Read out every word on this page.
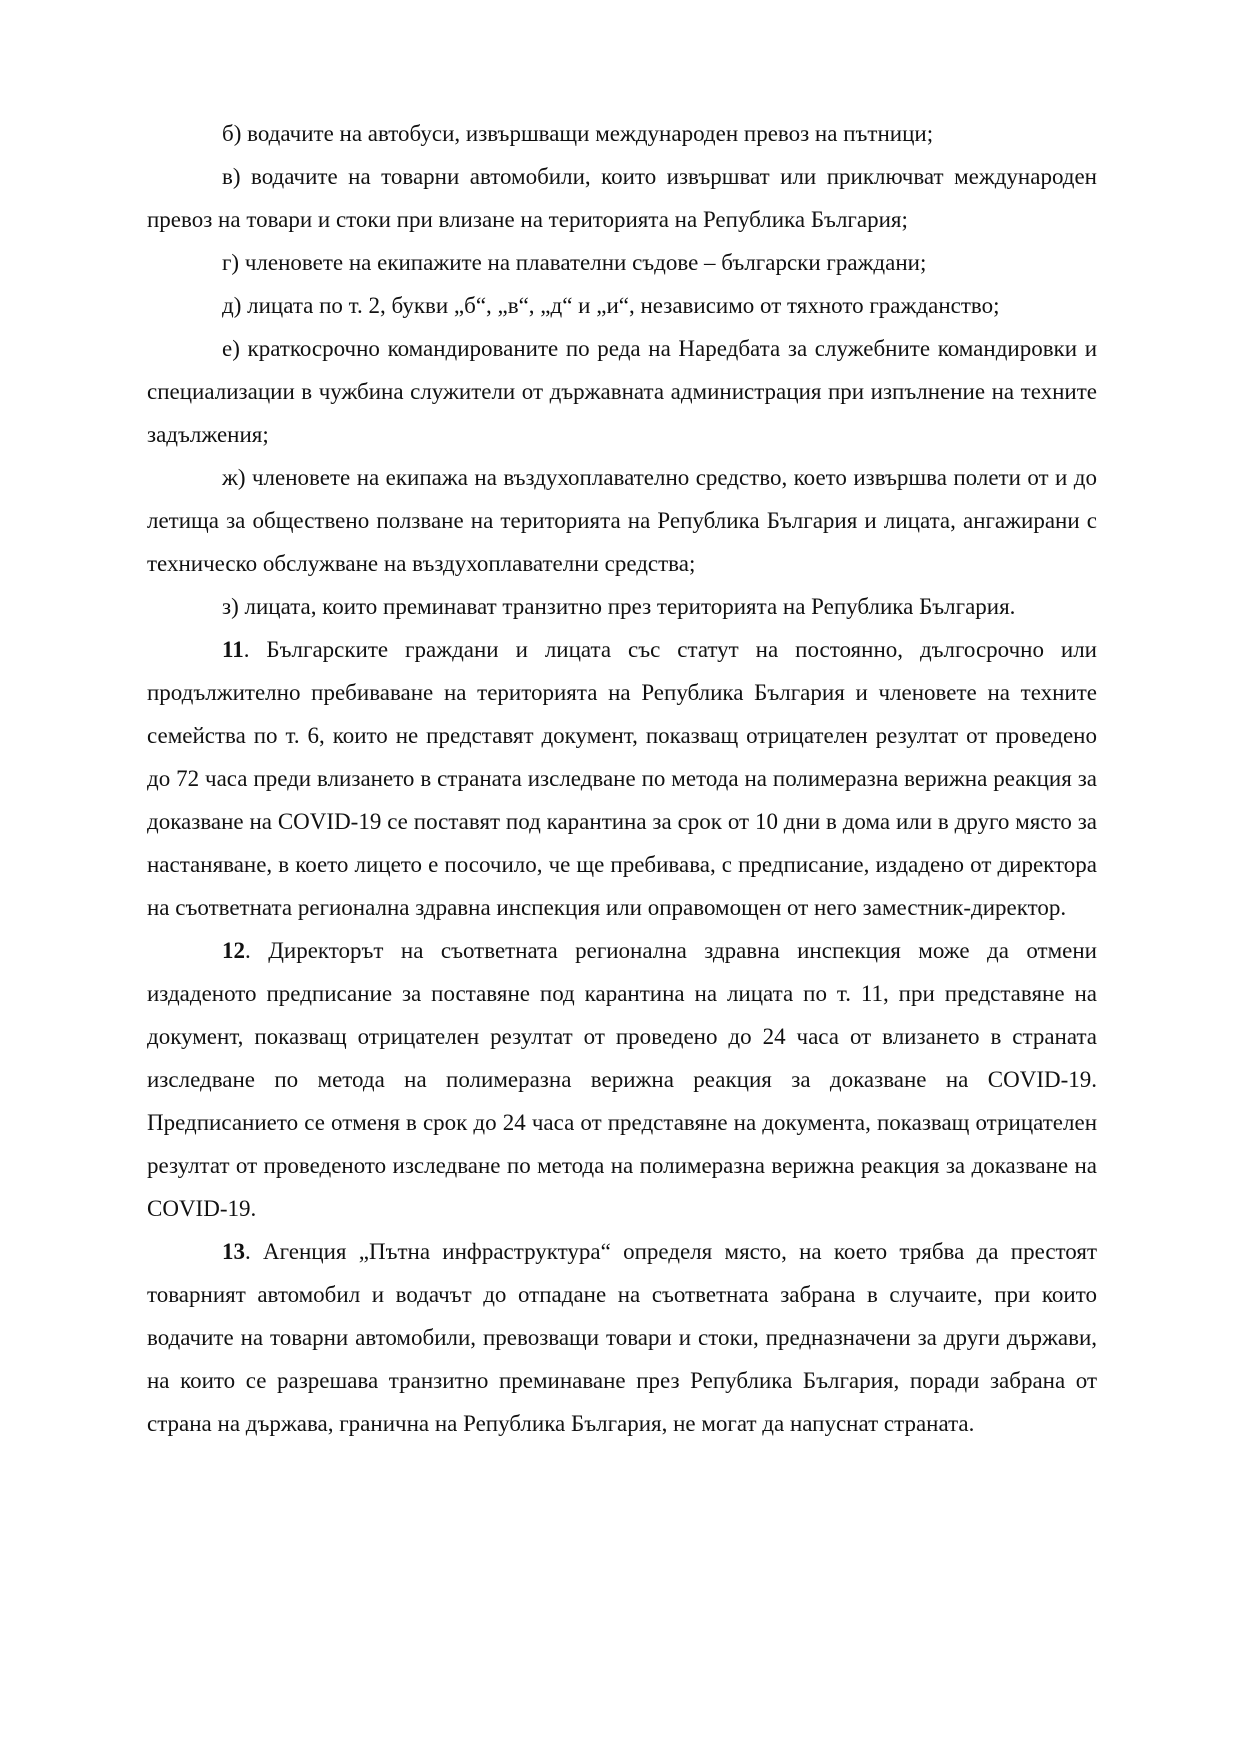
б) водачите на автобуси, извършващи международен превоз на пътници;

в) водачите на товарни автомобили, които извършват или приключват международен превоз на товари и стоки при влизане на територията на Република България;

г) членовете на екипажите на плавателни съдове – български граждани;

д) лицата по т. 2, букви „б“, „в“, „д“ и „и“, независимо от тяхното гражданство;

е) краткосрочно командированите по реда на Наредбата за служебните командировки и специализации в чужбина служители от държавната администрация при изпълнение на техните задължения;

ж) членовете на екипажа на въздухоплавателно средство, което извършва полети от и до летища за обществено ползване на територията на Република България и лицата, ангажирани с техническо обслужване на въздухоплавателни средства;

з) лицата, които преминават транзитно през територията на Република България.

11. Българските граждани и лицата със статут на постоянно, дългосрочно или продължително пребиваване на територията на Република България и членовете на техните семейства по т. 6, които не представят документ, показващ отрицателен резултат от проведено до 72 часа преди влизането в страната изследване по метода на полимеразна верижна реакция за доказване на COVID-19 се поставят под карантина за срок от 10 дни в дома или в друго място за настаняване, в което лицето е посочило, че ще пребивава, с предписание, издадено от директора на съответната регионална здравна инспекция или оправомощен от него заместник-директор.

12. Директорът на съответната регионална здравна инспекция може да отмени издаденото предписание за поставяне под карантина на лицата по т. 11, при представяне на документ, показващ отрицателен резултат от проведено до 24 часа от влизането в страната изследване по метода на полимеразна верижна реакция за доказване на COVID-19. Предписанието се отменя в срок до 24 часа от представяне на документа, показващ отрицателен резултат от проведеното изследване по метода на полимеразна верижна реакция за доказване на COVID-19.

13. Агенция „Пътна инфраструктура“ определя място, на което трябва да престоят товарният автомобил и водачът до отпадане на съответната забрана в случаите, при които водачите на товарни автомобили, превозващи товари и стоки, предназначени за други държави, на които се разрешава транзитно преминаване през Република България, поради забрана от страна на държава, гранична на Република България, не могат да напуснат страната.
